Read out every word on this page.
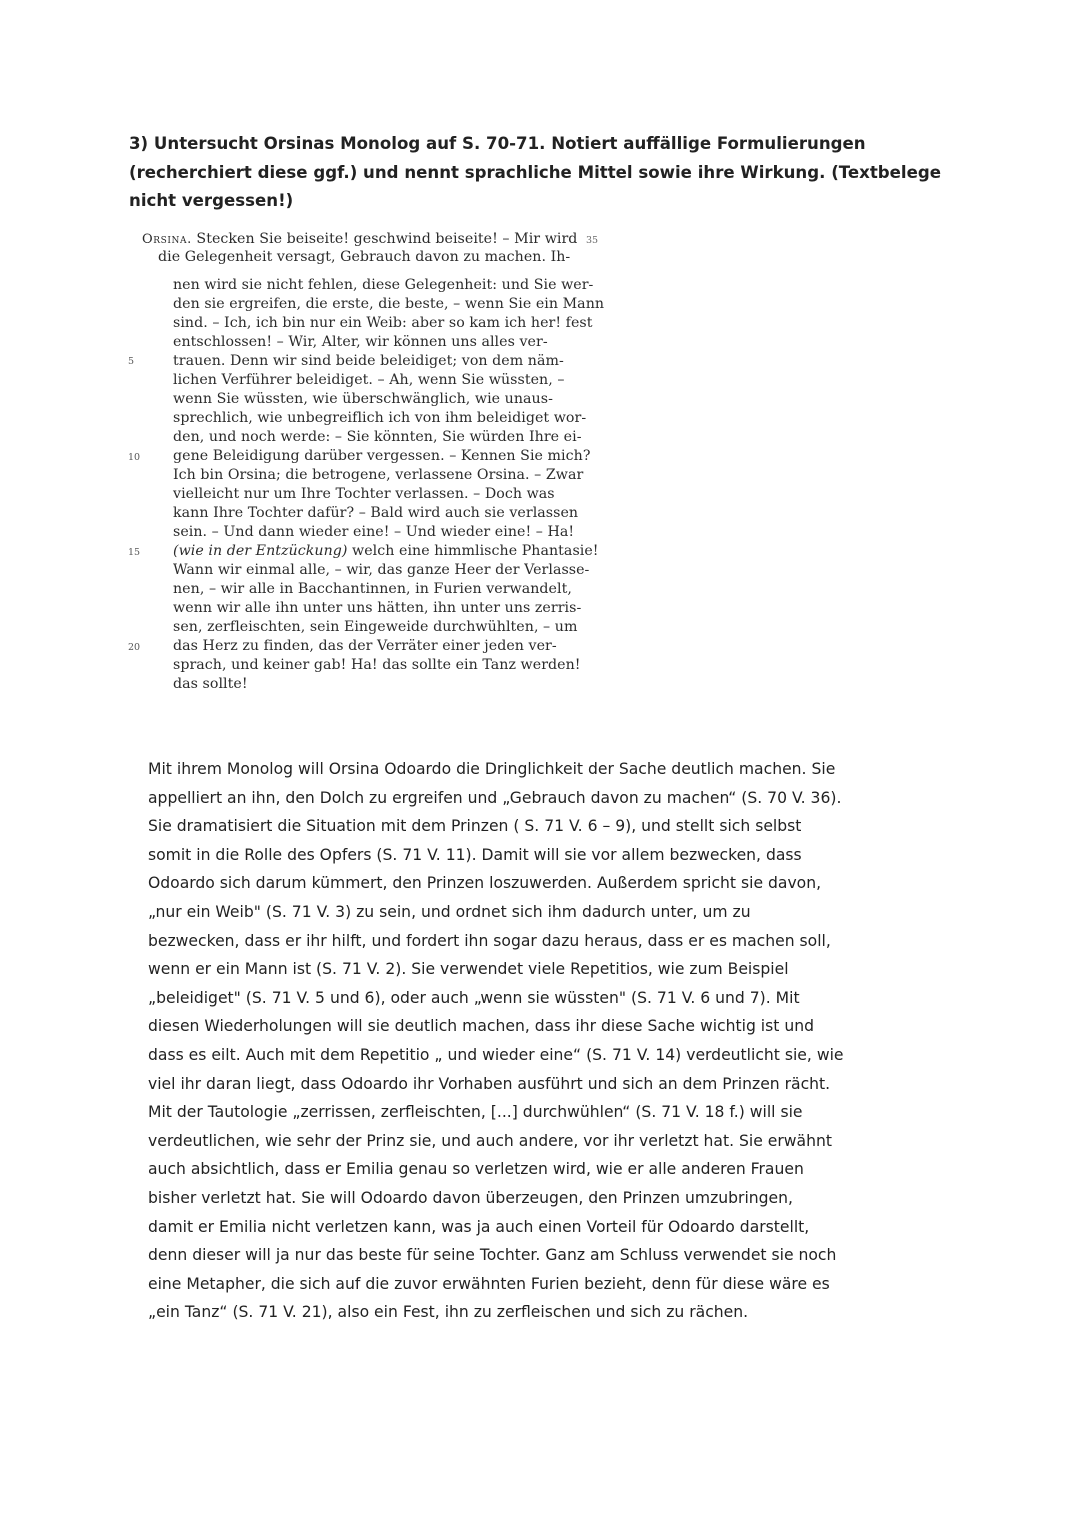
3) Untersucht Orsinas Monolog auf S. 70-71. Notiert auffällige Formulierungen
(recherchiert diese ggf.) und nennt sprachliche Mittel sowie ihre Wirkung. (Textbelege
nicht vergessen!)
Orsina. Stecken Sie beiseite! geschwind beiseite! – Mir wird 35
die Gelegenheit versagt, Gebrauch davon zu machen. Ih-
nen wird sie nicht fehlen, diese Gelegenheit: und Sie wer-
den sie ergreifen, die erste, die beste, – wenn Sie ein Mann
sind. – Ich, ich bin nur ein Weib: aber so kam ich her! fest
entschlossen! – Wir, Alter, wir können uns alles ver-
trauen. Denn wir sind beide beleidiget; von dem näm-
5
lichen Verführer beleidiget. – Ah, wenn Sie wüssten, –
wenn Sie wüssten, wie überschwänglich, wie unaus-
sprechlich, wie unbegreiflich ich von ihm beleidiget wor-
den, und noch werde: – Sie könnten, Sie würden Ihre ei-
gene Beleidigung darüber vergessen. – Kennen Sie mich?
10
Ich bin Orsina; die betrogene, verlassene Orsina. – Zwar
vielleicht nur um Ihre Tochter verlassen. – Doch was
kann Ihre Tochter dafür? – Bald wird auch sie verlassen
sein. – Und dann wieder eine! – Und wieder eine! – Ha!
(wie in der Entzückung) welch eine himmlische Phantasie!
15
Wann wir einmal alle, – wir, das ganze Heer der Verlasse-
nen, – wir alle in Bacchantinnen, in Furien verwandelt,
wenn wir alle ihn unter uns hätten, ihn unter uns zerris-
sen, zerfleischten, sein Eingeweide durchwühlten, – um
das Herz zu finden, das der Verräter einer jeden ver-
20
sprach, und keiner gab! Ha! das sollte ein Tanz werden!
das sollte!
Mit ihrem Monolog will Orsina Odoardo die Dringlichkeit der Sache deutlich machen. Sie
appelliert an ihn, den Dolch zu ergreifen und „Gebrauch davon zu machen“ (S. 70 V. 36).
Sie dramatisiert die Situation mit dem Prinzen ( S. 71 V. 6 – 9), und stellt sich selbst
somit in die Rolle des Opfers (S. 71 V. 11). Damit will sie vor allem bezwecken, dass
Odoardo sich darum kümmert, den Prinzen loszuwerden. Außerdem spricht sie davon,
„nur ein Weib" (S. 71 V. 3) zu sein, und ordnet sich ihm dadurch unter, um zu
bezwecken, dass er ihr hilft, und fordert ihn sogar dazu heraus, dass er es machen soll,
wenn er ein Mann ist (S. 71 V. 2). Sie verwendet viele Repetitios, wie zum Beispiel
„beleidiget" (S. 71 V. 5 und 6), oder auch „wenn sie wüssten" (S. 71 V. 6 und 7). Mit
diesen Wiederholungen will sie deutlich machen, dass ihr diese Sache wichtig ist und
dass es eilt. Auch mit dem Repetitio „ und wieder eine“ (S. 71 V. 14) verdeutlicht sie, wie
viel ihr daran liegt, dass Odoardo ihr Vorhaben ausführt und sich an dem Prinzen rächt.
Mit der Tautologie „zerrissen, zerfleischten, [...] durchwühlen“ (S. 71 V. 18 f.) will sie
verdeutlichen, wie sehr der Prinz sie, und auch andere, vor ihr verletzt hat. Sie erwähnt
auch absichtlich, dass er Emilia genau so verletzen wird, wie er alle anderen Frauen
bisher verletzt hat. Sie will Odoardo davon überzeugen, den Prinzen umzubringen,
damit er Emilia nicht verletzen kann, was ja auch einen Vorteil für Odoardo darstellt,
denn dieser will ja nur das beste für seine Tochter. Ganz am Schluss verwendet sie noch
eine Metapher, die sich auf die zuvor erwähnten Furien bezieht, denn für diese wäre es
„ein Tanz“ (S. 71 V. 21), also ein Fest, ihn zu zerfleischen und sich zu rächen.
